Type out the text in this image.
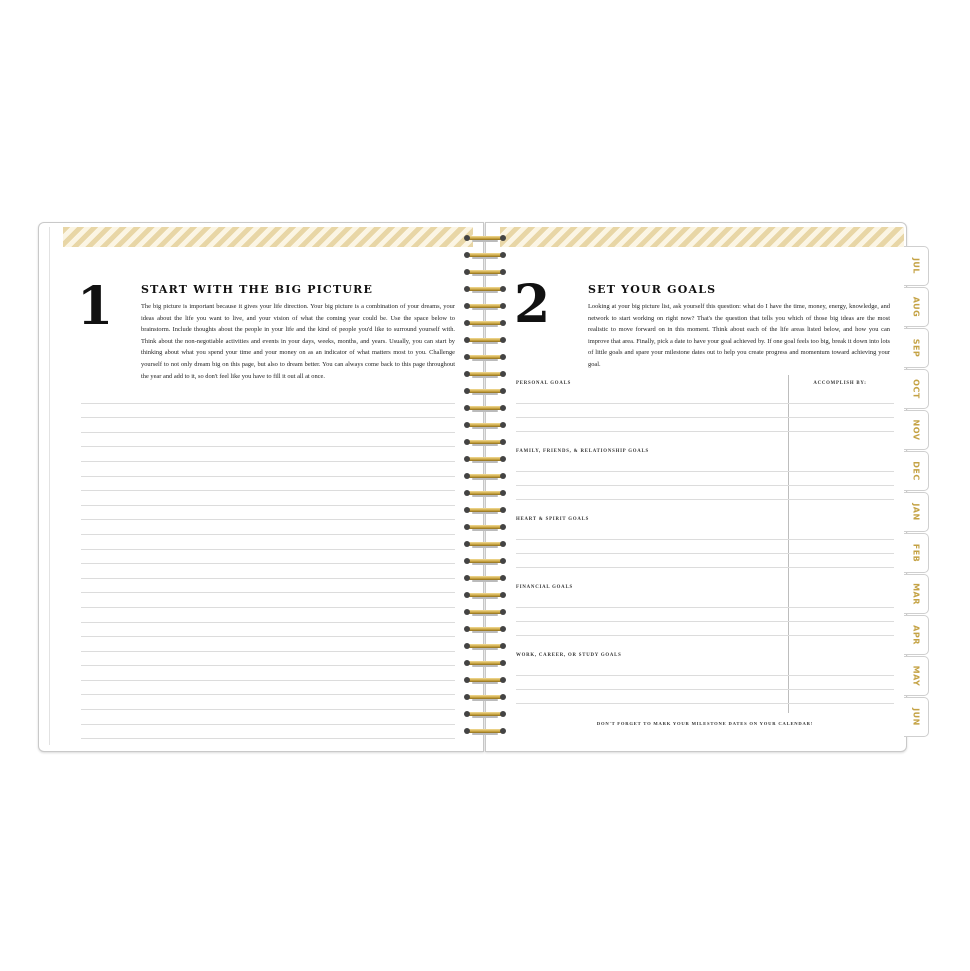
1	START WITH THE BIG PICTURE
The big picture is important because it gives your life direction. Your big picture is a combination of your dreams, your ideas about the life you want to live, and your vision of what the coming year could be. Use the space below to brainstorm. Include thoughts about the people in your life and the kind of people you'd like to surround yourself with. Think about the non-negotiable activities and events in your days, weeks, months, and years. Usually, you can start by thinking about what you spend your time and your money on as an indicator of what matters most to you. Challenge yourself to not only dream big on this page, but also to dream better. You can always come back to this page throughout the year and add to it, so don't feel like you have to fill it out all at once.
2	SET YOUR GOALS
Looking at your big picture list, ask yourself this question: what do I have the time, money, energy, knowledge, and network to start working on right now? That's the question that tells you which of those big ideas are the most realistic to move forward on in this moment. Think about each of the life areas listed below, and how you can improve that area. Finally, pick a date to have your goal achieved by. If one goal feels too big, break it down into lots of little goals and spare your milestone dates out to help you create progress and momentum toward achieving your goal.
ACCOMPLISH BY:
PERSONAL GOALS
FAMILY, FRIENDS, & RELATIONSHIP GOALS
HEART & SPIRIT GOALS
FINANCIAL GOALS
WORK, CAREER, OR STUDY GOALS
DON'T FORGET TO MARK YOUR MILESTONE DATES ON YOUR CALENDAR!
JUL
AUG
SEP
OCT
NOV
DEC
JAN
FEB
MAR
APR
MAY
JUN
